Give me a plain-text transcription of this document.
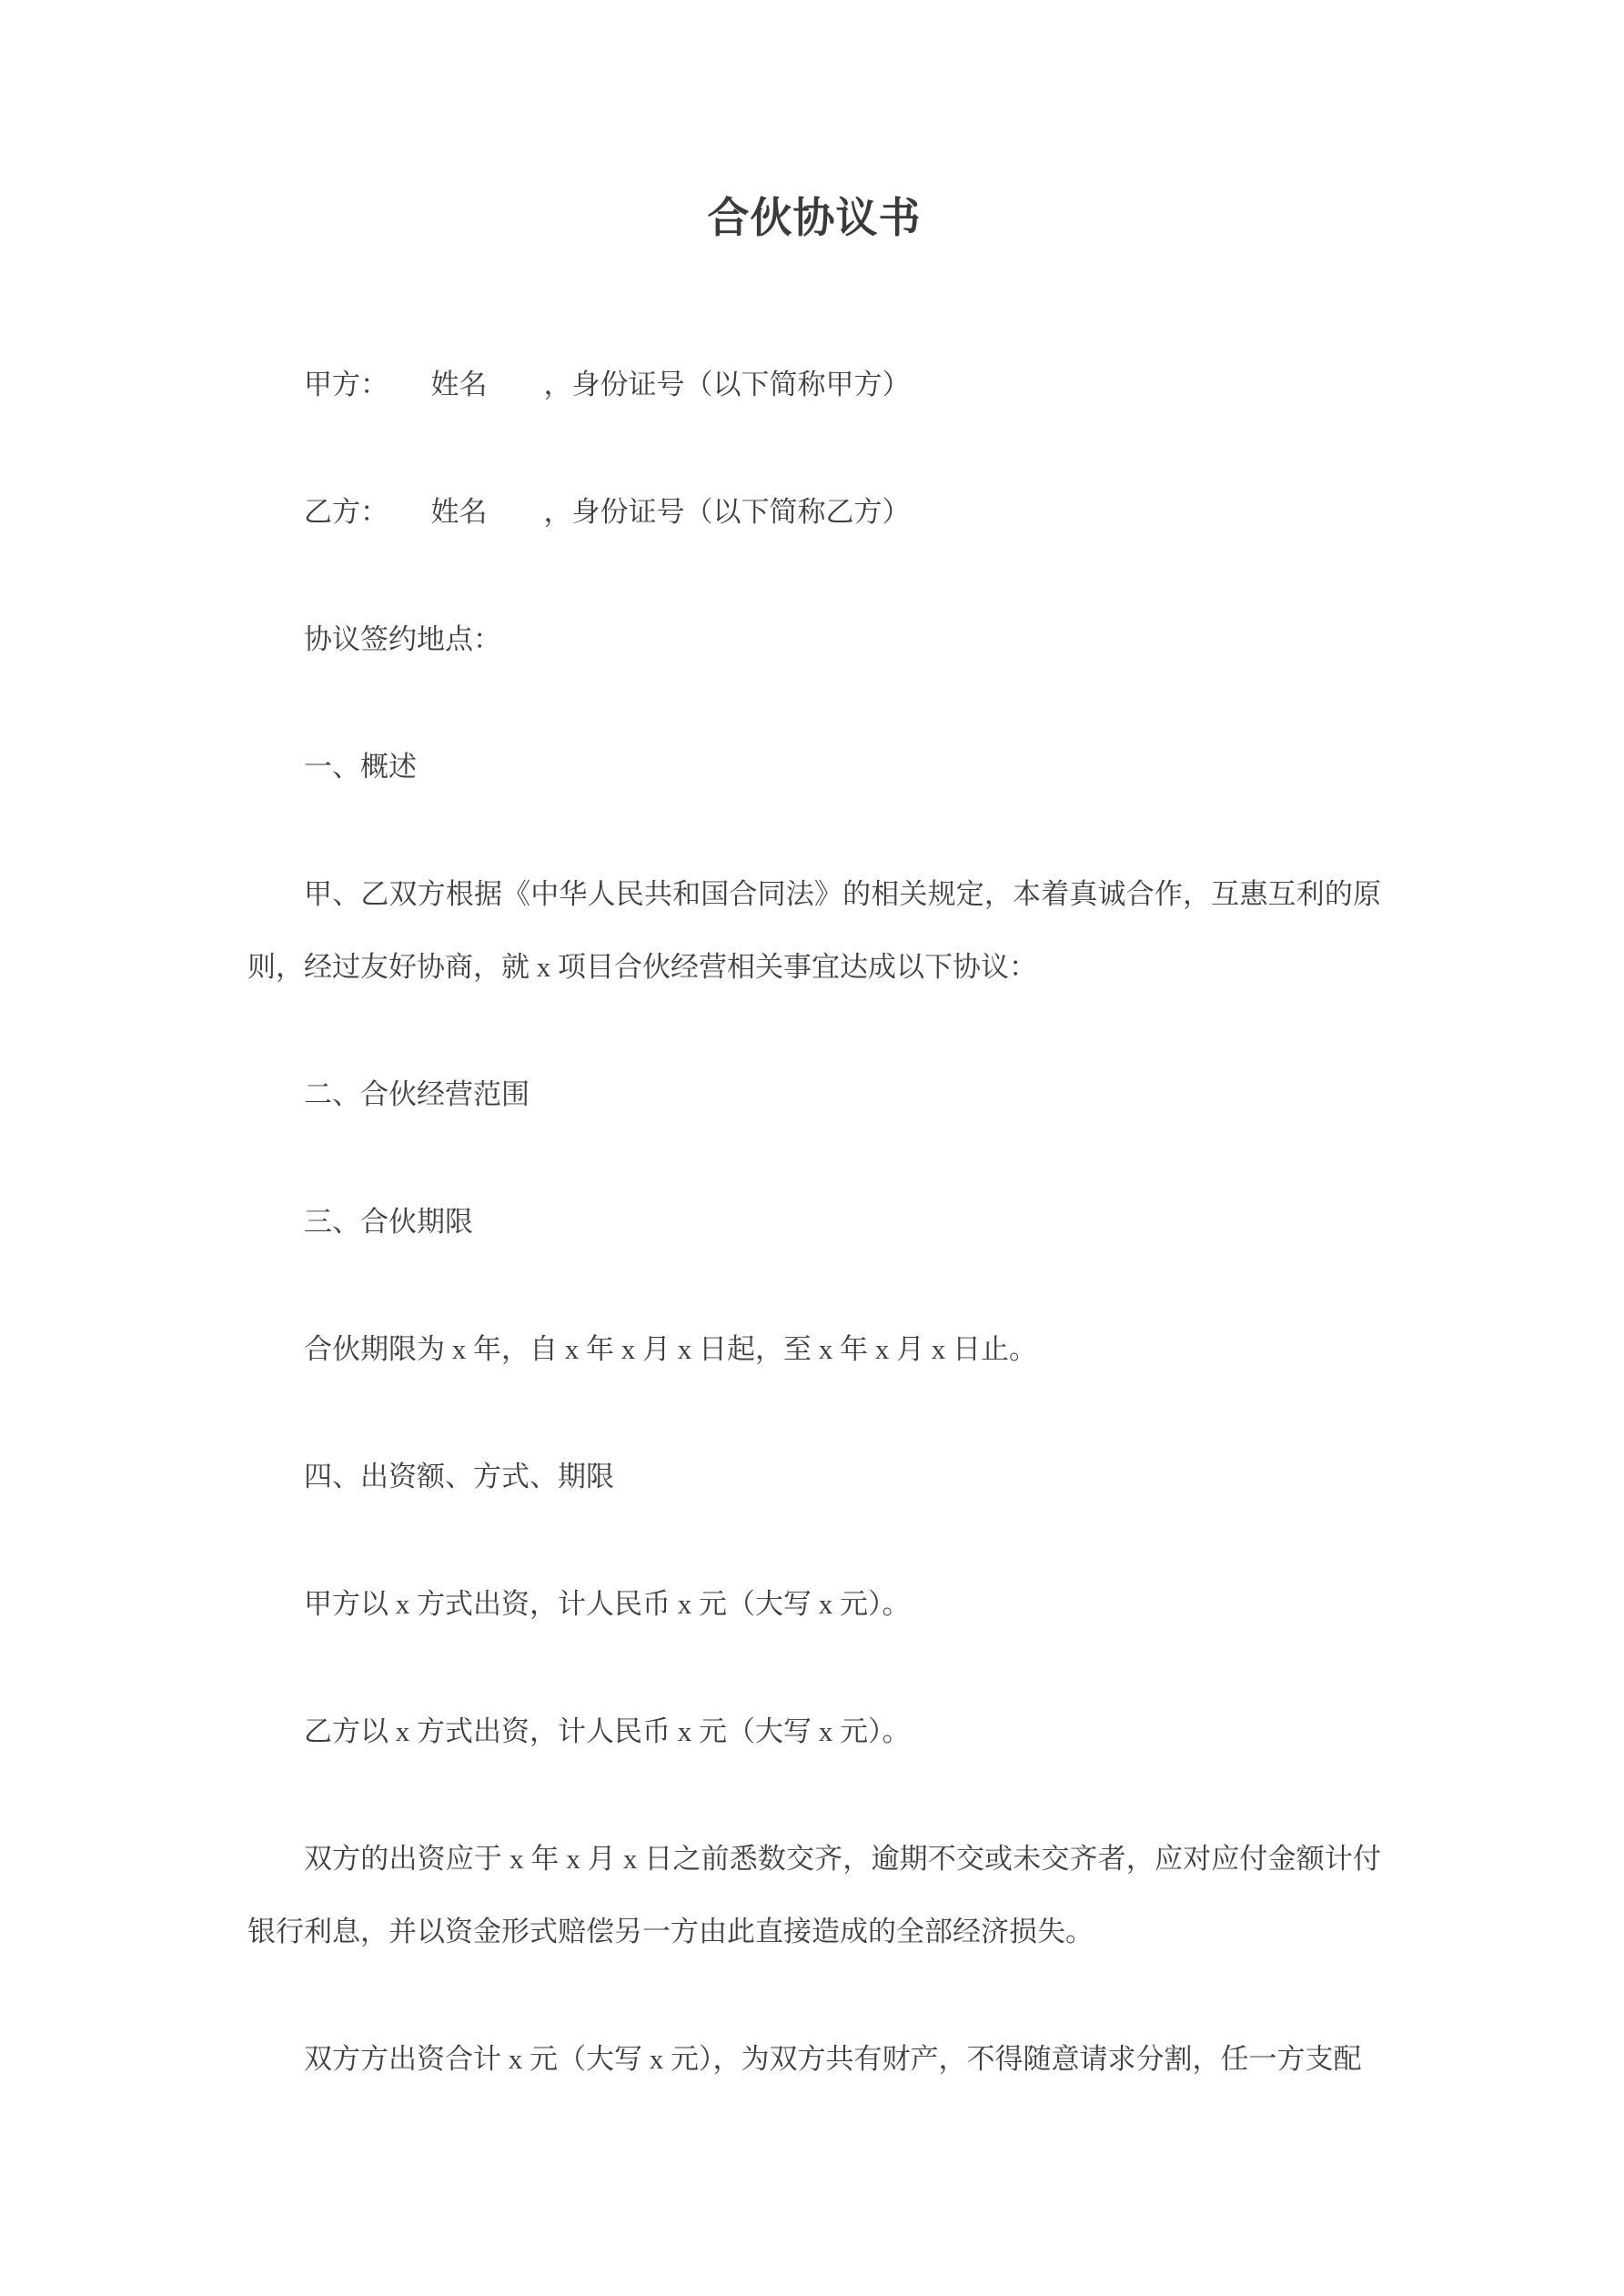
合伙协议书

甲方：　　姓名　　，身份证号（以下简称甲方）

乙方：　　姓名　　，身份证号（以下简称乙方）

协议签约地点：

一、概述

甲、乙双方根据《中华人民共和国合同法》的相关规定，本着真诚合作，互惠互利的原则，经过友好协商，就 x 项目合伙经营相关事宜达成以下协议：

二、合伙经营范围

三、合伙期限

合伙期限为 x 年，自 x 年 x 月 x 日起，至 x 年 x 月 x 日止。

四、出资额、方式、期限

甲方以 x 方式出资，计人民币 x 元（大写 x 元）。

乙方以 x 方式出资，计人民币 x 元（大写 x 元）。

双方的出资应于 x 年 x 月 x 日之前悉数交齐，逾期不交或未交齐者，应对应付金额计付银行利息，并以资金形式赔偿另一方由此直接造成的全部经济损失。

双方方出资合计 x 元（大写 x 元），为双方共有财产，不得随意请求分割，任一方支配
